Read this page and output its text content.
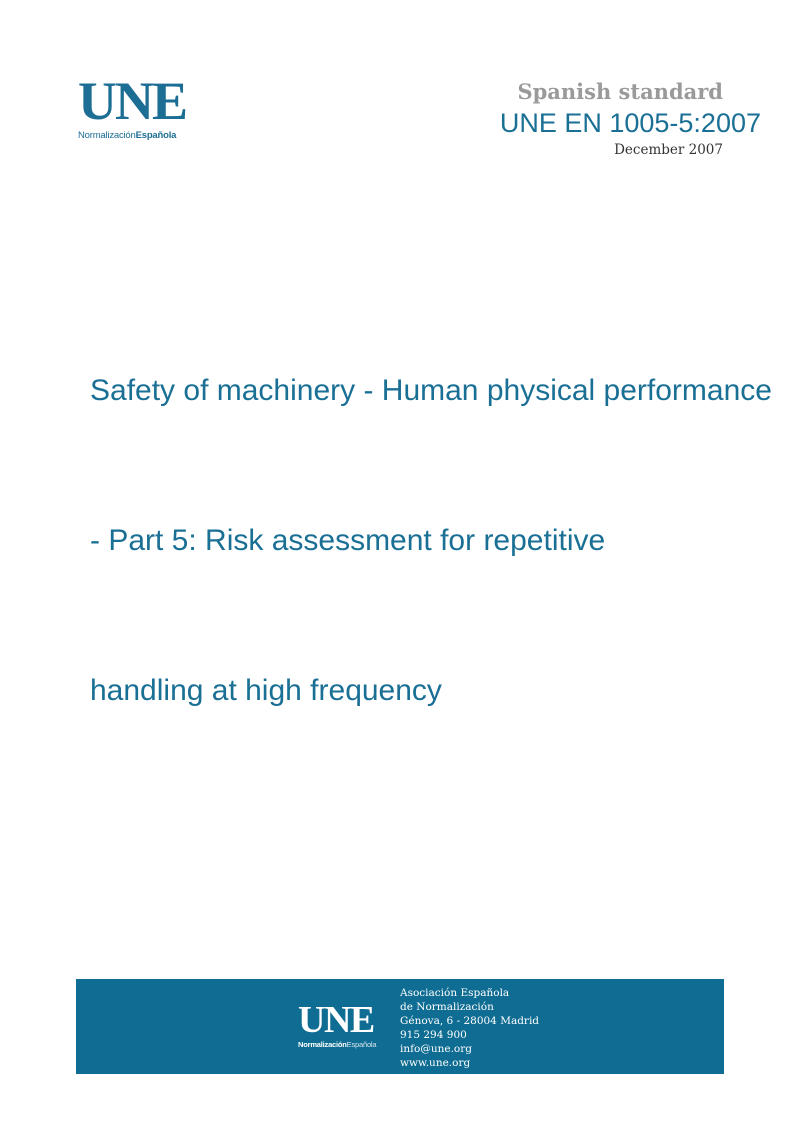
UNE
NormalizaciónEspañola
Spanish standard
UNE EN 1005-5:2007
December 2007

Safety of machinery - Human physical performance

- Part 5: Risk assessment for repetitive

handling at high frequency

UNE
NormalizaciónEspañola
Asociación Española
de Normalización
Génova, 6 - 28004 Madrid
915 294 900
info@une.org
www.une.org
